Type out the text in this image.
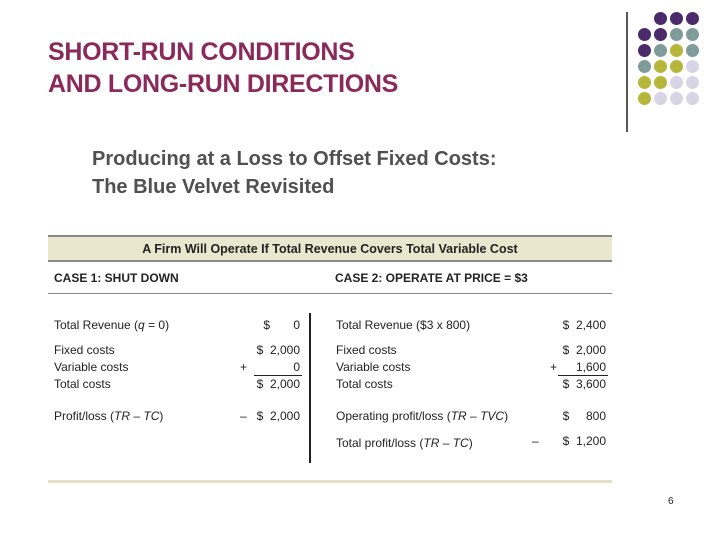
SHORT-RUN CONDITIONS
AND LONG-RUN DIRECTIONS
Producing at a Loss to Offset Fixed Costs:
The Blue Velvet Revisited
A Firm Will Operate If Total Revenue Covers Total Variable Cost
CASE 1: SHUT DOWN	CASE 2: OPERATE AT PRICE = $3
Total Revenue (q = 0)	$       0
Fixed costs	$  2,000
Variable costs	+	0
Total costs	$  2,000
Profit/loss (TR – TC)	– $  2,000
Total Revenue ($3 x 800)	$  2,400
Fixed costs	$  2,000
Variable costs	+	1,600
Total costs	$  3,600
Operating profit/loss (TR – TVC)	$     800
Total profit/loss (TR – TC)	–	$  1,200
6
